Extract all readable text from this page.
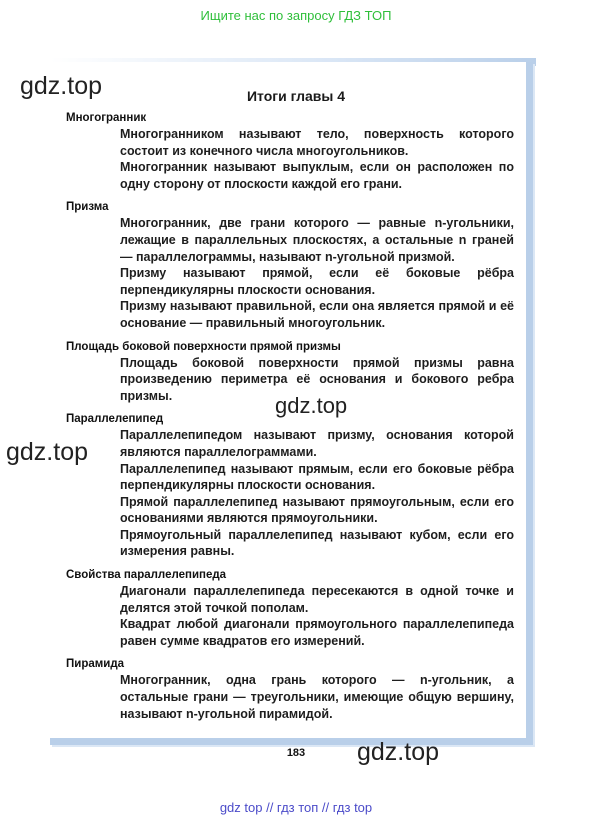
Ищите нас по запросу ГДЗ ТОП
Итоги главы 4
Многогранник
Многогранником называют тело, поверхность которого состоит из конечного числа многоугольников.
Многогранник называют выпуклым, если он расположен по одну сторону от плоскости каждой его грани.
Призма
Многогранник, две грани которого — равные n-угольники, лежащие в параллельных плоскостях, а остальные n граней — параллелограммы, называют n-угольной призмой.
Призму называют прямой, если её боковые рёбра перпендикулярны плоскости основания.
Призму называют правильной, если она является прямой и её основание — правильный многоугольник.
Площадь боковой поверхности прямой призмы
Площадь боковой поверхности прямой призмы равна произведению периметра её основания и бокового ребра призмы.
Параллелепипед
Параллелепипедом называют призму, основания которой являются параллелограммами.
Параллелепипед называют прямым, если его боковые рёбра перпендикулярны плоскости основания.
Прямой параллелепипед называют прямоугольным, если его основаниями являются прямоугольники.
Прямоугольный параллелепипед называют кубом, если его измерения равны.
Свойства параллелепипеда
Диагонали параллелепипеда пересекаются в одной точке и делятся этой точкой пополам.
Квадрат любой диагонали прямоугольного параллелепипеда равен сумме квадратов его измерений.
Пирамида
Многогранник, одна грань которого — n-угольник, а остальные грани — треугольники, имеющие общую вершину, называют n-угольной пирамидой.
183
gdz.top
gdz.top
gdz.top
gdz.top
gdz top // гдз топ // гдз top
